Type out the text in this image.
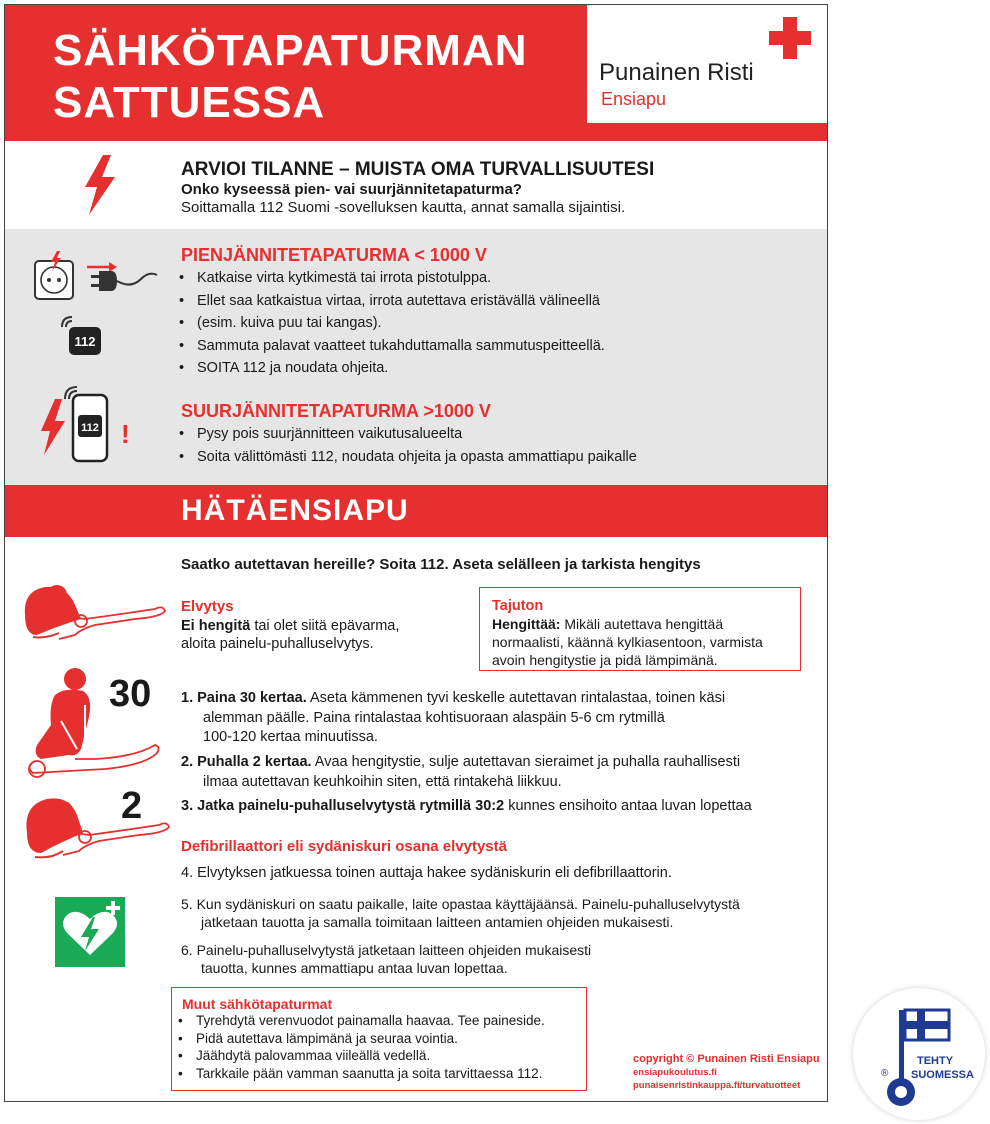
SÄHKÖTAPATURMAN
SATTUESSA
Punainen Risti
Ensiapu
ARVIOI TILANNE – MUISTA OMA TURVALLISUUTESI
Onko kyseessä pien- vai suurjännitetapaturma?
Soittamalla 112 Suomi -sovelluksen kautta, annat samalla sijaintisi.
112
PIENJÄNNITETAPATURMA < 1000 V
• Katkaise virta kytkimestä tai irrota pistotulppa.
• Ellet saa katkaistua virtaa, irrota autettava eristävällä välineellä
• (esim. kuiva puu tai kangas).
• Sammuta palavat vaatteet tukahduttamalla sammutuspeitteellä.
• SOITA 112 ja noudata ohjeita.
112 !
SUURJÄNNITETAPATURMA >1000 V
• Pysy pois suurjännitteen vaikutusalueelta
• Soita välittömästi 112, noudata ohjeita ja opasta ammattiapu paikalle
HÄTÄENSIAPU
Saatko autettavan hereille? Soita 112. Aseta selälleen ja tarkista hengitys
Elvytys
Ei hengitä tai olet siitä epävarma,
aloita painelu-puhalluselvytys.
Tajuton
Hengittää: Mikäli autettava hengittää
normaalisti, käännä kylkiasentoon, varmista
avoin hengitystie ja pidä lämpimänä.
30 1. Paina 30 kertaa. Aseta kämmenen tyvi keskelle autettavan rintalastaa, toinen käsi
alemman päälle. Paina rintalastaa kohtisuoraan alaspäin 5-6 cm rytmillä
100-120 kertaa minuutissa.
2. Puhalla 2 kertaa. Avaa hengitystie, sulje autettavan sieraimet ja puhalla rauhallisesti
ilmaa autettavan keuhkoihin siten, että rintakehä liikkuu.
3. Jatka painelu-puhalluselvytystä rytmillä 30:2 kunnes ensihoito antaa luvan lopettaa
2
Defibrillaattori eli sydäniskuri osana elvytystä
4. Elvytyksen jatkuessa toinen auttaja hakee sydäniskurin eli defibrillaattorin.
5. Kun sydäniskuri on saatu paikalle, laite opastaa käyttäjäänsä. Painelu-puhalluselvytystä
jatketaan tauotta ja samalla toimitaan laitteen antamien ohjeiden mukaisesti.
6. Painelu-puhalluselvytystä jatketaan laitteen ohjeiden mukaisesti
tauotta, kunnes ammattiapu antaa luvan lopettaa.
Muut sähkötapaturmat
• Tyrehdytä verenvuodot painamalla haavaa. Tee paineside.
• Pidä autettava lämpimänä ja seuraa vointia.
• Jäähdytä palovammaa viileällä vedellä.
• Tarkkaile pään vamman saanutta ja soita tarvittaessa 112.
copyright © Punainen Risti Ensiapu
ensiapukoulutus.fi
punaisenristinkauppa.fi/turvatuotteet
TEHTY
SUOMESSA
®
